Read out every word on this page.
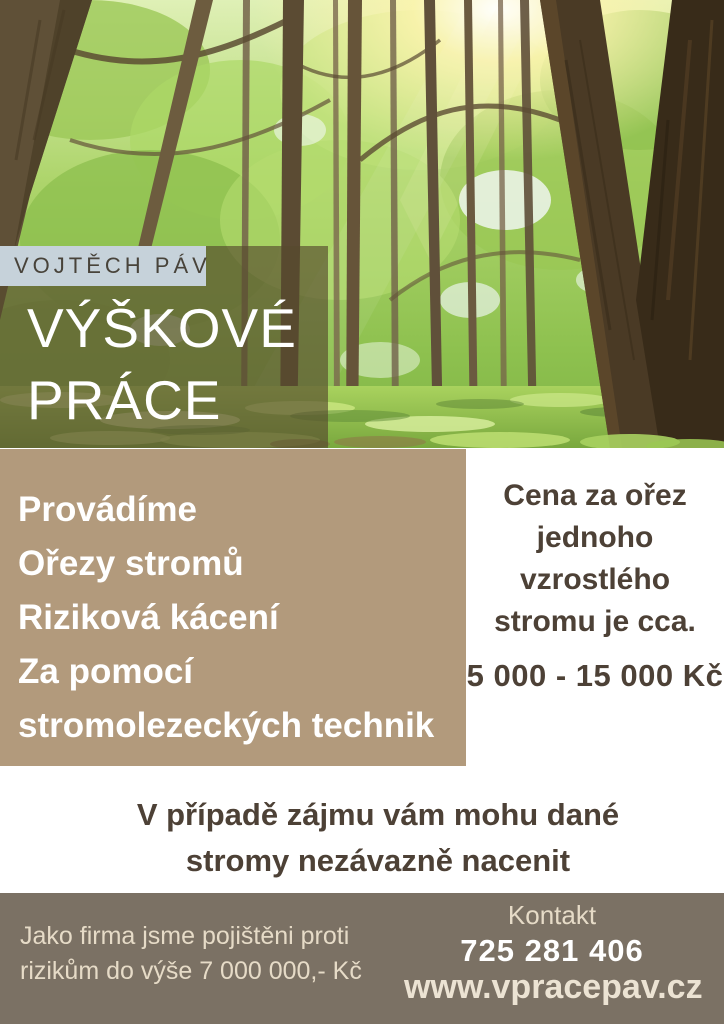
VOJTĚCH PÁV
VÝŠKOVÉ
PRÁCE
Provádíme
Ořezy stromů
Riziková kácení
Za pomocí
stromolezeckých technik
Cena za ořez
jednoho
vzrostlého
stromu je cca.
5 000 - 15 000 Kč
V případě zájmu vám mohu dané
stromy nezávazně nacenit
Jako firma jsme pojištěni proti
rizikům do výše 7 000 000,- Kč
Kontakt
725 281 406
www.vpracepav.cz
